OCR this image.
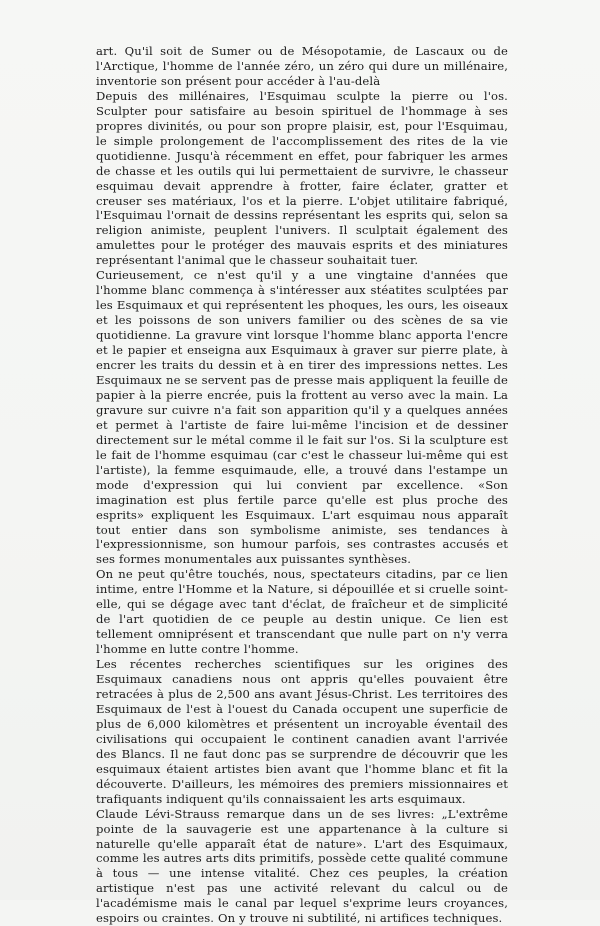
art. Qu'il soit de Sumer ou de Mésopotamie, de Lascaux ou de l'Arctique, l'homme de l'année zéro, un zéro qui dure un millénaire, inventorie son présent pour accéder à l'au-delà

Depuis des millénaires, l'Esquimau sculpte la pierre ou l'os. Sculpter pour satisfaire au besoin spirituel de l'hommage à ses propres divinités, ou pour son propre plaisir, est, pour l'Esquimau, le simple prolongement de l'accomplissement des rites de la vie quotidienne. Jusqu'à récemment en effet, pour fabriquer les armes de chasse et les outils qui lui permettaient de survivre, le chasseur esquimau devait apprendre à frotter, faire éclater, gratter et creuser ses matériaux, l'os et la pierre. L'objet utilitaire fabriqué, l'Esquimau l'ornait de dessins représentant les esprits qui, selon sa religion animiste, peuplent l'univers. Il sculptait également des amulettes pour le protéger des mauvais esprits et des miniatures représentant l'animal que le chasseur souhaitait tuer.

Curieusement, ce n'est qu'il y a une vingtaine d'années que l'homme blanc commença à s'intéresser aux stéatites sculptées par les Esquimaux et qui représentent les phoques, les ours, les oiseaux et les poissons de son univers familier ou des scènes de sa vie quotidienne. La gravure vint lorsque l'homme blanc apporta l'encre et le papier et enseigna aux Esquimaux à graver sur pierre plate, à encrer les traits du dessin et à en tirer des impressions nettes. Les Esquimaux ne se servent pas de presse mais appliquent la feuille de papier à la pierre encrée, puis la frottent au verso avec la main. La gravure sur cuivre n'a fait son apparition qu'il y a quelques années et permet à l'artiste de faire lui-même l'incision et de dessiner directement sur le métal comme il le fait sur l'os. Si la sculpture est le fait de l'homme esquimau (car c'est le chasseur lui-même qui est l'artiste), la femme esquimaude, elle, a trouvé dans l'estampe un mode d'expression qui lui convient par excellence. «Son imagination est plus fertile parce qu'elle est plus proche des esprits» expliquent les Esquimaux. L'art esquimau nous apparaît tout entier dans son symbolisme animiste, ses tendances à l'expressionnisme, son humour parfois, ses contrastes accusés et ses formes monumentales aux puissantes synthèses.

On ne peut qu'être touchés, nous, spectateurs citadins, par ce lien intime, entre l'Homme et la Nature, si dépouillée et si cruelle soint-elle, qui se dégage avec tant d'éclat, de fraîcheur et de simplicité de l'art quotidien de ce peuple au destin unique. Ce lien est tellement omniprésent et transcendant que nulle part on n'y verra l'homme en lutte contre l'homme.

Les récentes recherches scientifiques sur les origines des Esquimaux canadiens nous ont appris qu'elles pouvaient être retracées à plus de 2,500 ans avant Jésus-Christ. Les territoires des Esquimaux de l'est à l'ouest du Canada occupent une superficie de plus de 6,000 kilomètres et présentent un incroyable éventail des civilisations qui occupaient le continent canadien avant l'arrivée des Blancs. Il ne faut donc pas se surprendre de découvrir que les esquimaux étaient artistes bien avant que l'homme blanc et fit la découverte. D'ailleurs, les mémoires des premiers missionnaires et trafiquants indiquent qu'ils connaissaient les arts esquimaux.

Claude Lévi-Strauss remarque dans un de ses livres: „L'extrême pointe de la sauvagerie est une appartenance à la culture si naturelle qu'elle apparaît état de nature». L'art des Esquimaux, comme les autres arts dits primitifs, possède cette qualité commune à tous — une intense vitalité. Chez ces peuples, la création artistique n'est pas une activité relevant du calcul ou de l'académisme mais le canal par lequel s'exprime leurs croyances, espoirs ou craintes. On y trouve ni subtilité, ni artifices techniques.
